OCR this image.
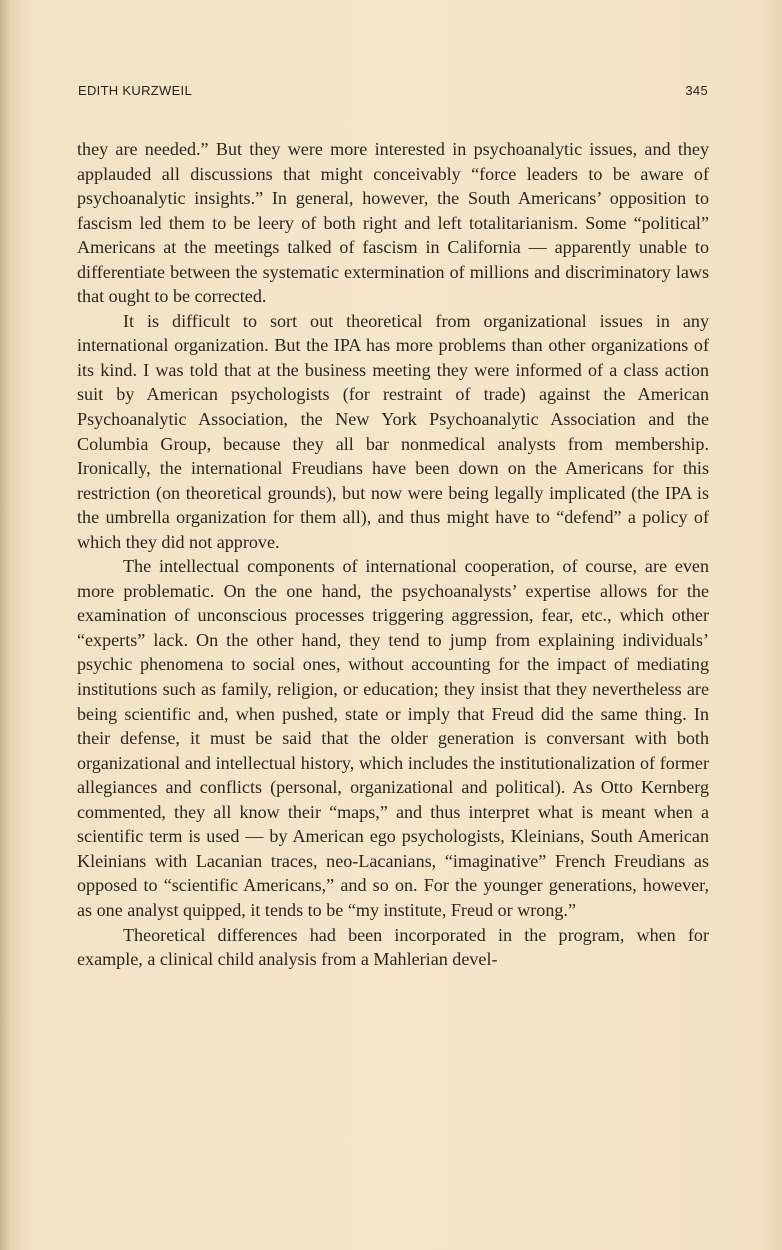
EDITH KURZWEIL	345

they are needed.” But they were more interested in psychoanalytic issues, and they applauded all discussions that might conceivably “force leaders to be aware of psychoanalytic insights.” In general, however, the South Americans’ opposition to fascism led them to be leery of both right and left totalitarianism. Some “political” Americans at the meetings talked of fascism in California — apparently unable to differentiate between the systematic extermination of millions and discriminatory laws that ought to be corrected.

It is difficult to sort out theoretical from organizational issues in any international organization. But the IPA has more problems than other organizations of its kind. I was told that at the business meeting they were informed of a class action suit by American psychologists (for restraint of trade) against the American Psychoanalytic Association, the New York Psychoanalytic Association and the Columbia Group, because they all bar nonmedical analysts from membership. Ironically, the international Freudians have been down on the Americans for this restriction (on theoretical grounds), but now were being legally implicated (the IPA is the umbrella organization for them all), and thus might have to “defend” a policy of which they did not approve.

The intellectual components of international cooperation, of course, are even more problematic. On the one hand, the psychoanalysts’ expertise allows for the examination of unconscious processes triggering aggression, fear, etc., which other “experts” lack. On the other hand, they tend to jump from explaining individuals’ psychic phenomena to social ones, without accounting for the impact of mediating institutions such as family, religion, or education; they insist that they nevertheless are being scientific and, when pushed, state or imply that Freud did the same thing. In their defense, it must be said that the older generation is conversant with both organizational and intellectual history, which includes the institutionalization of former allegiances and conflicts (personal, organizational and political). As Otto Kernberg commented, they all know their “maps,” and thus interpret what is meant when a scientific term is used — by American ego psychologists, Kleinians, South American Kleinians with Lacanian traces, neo-Lacanians, “imaginative” French Freudians as opposed to “scientific Americans,” and so on. For the younger generations, however, as one analyst quipped, it tends to be “my institute, Freud or wrong.”

Theoretical differences had been incorporated in the program, when for example, a clinical child analysis from a Mahlerian devel-
